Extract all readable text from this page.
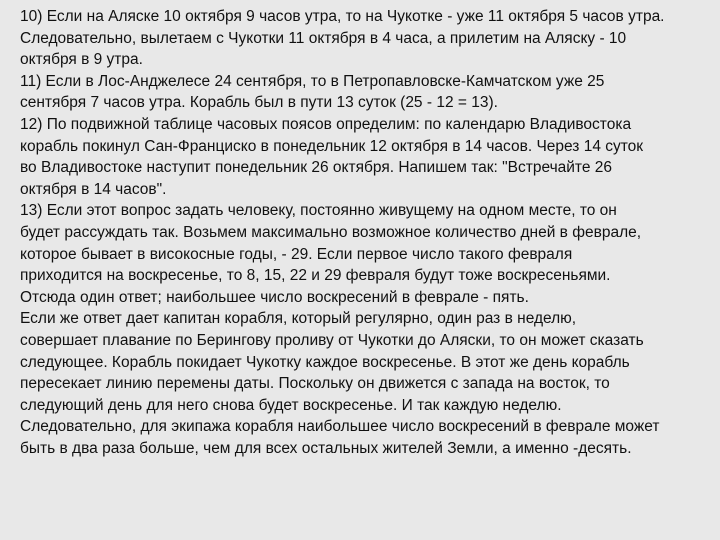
10) Если на Аляске 10 октября 9 часов утра, то на Чукотке - уже 11 октября 5 часов утра.
Следовательно, вылетаем с Чукотки 11 октября в 4 часа, а прилетим на Аляску - 10
октября в 9 утра.
11) Если в Лос-Анджелесе 24 сентября, то в Петропавловске-Камчатском уже 25
сентября 7 часов утра. Корабль был в пути 13 суток (25 - 12 = 13).
12) По подвижной таблице часовых поясов определим: по календарю Владивостока
корабль покинул Сан-Франциско в понедельник 12 октября в 14 часов. Через 14 суток
во Владивостоке наступит понедельник 26 октября. Напишем так: "Встречайте 26
октября в 14 часов".
13) Если этот вопрос задать человеку, постоянно живущему на одном месте, то он
будет рассуждать так. Возьмем максимально возможное количество дней в феврале,
которое бывает в високосные годы, - 29. Если первое число такого февраля
приходится на воскресенье, то 8, 15, 22 и 29 февраля будут тоже воскресеньями.
Отсюда один ответ; наибольшее число воскресений в феврале - пять.
Если же ответ дает капитан корабля, который регулярно, один раз в неделю,
совершает плавание по Берингову проливу от Чукотки до Аляски, то он может сказать
следующее. Корабль покидает Чукотку каждое воскресенье. В этот же день корабль
пересекает линию перемены даты. Поскольку он движется с запада на восток, то
следующий день для него снова будет воскресенье. И так каждую неделю.
Следовательно, для экипажа корабля наибольшее число воскресений в феврале может
быть в два раза больше, чем для всех остальных жителей Земли, а именно -десять.
